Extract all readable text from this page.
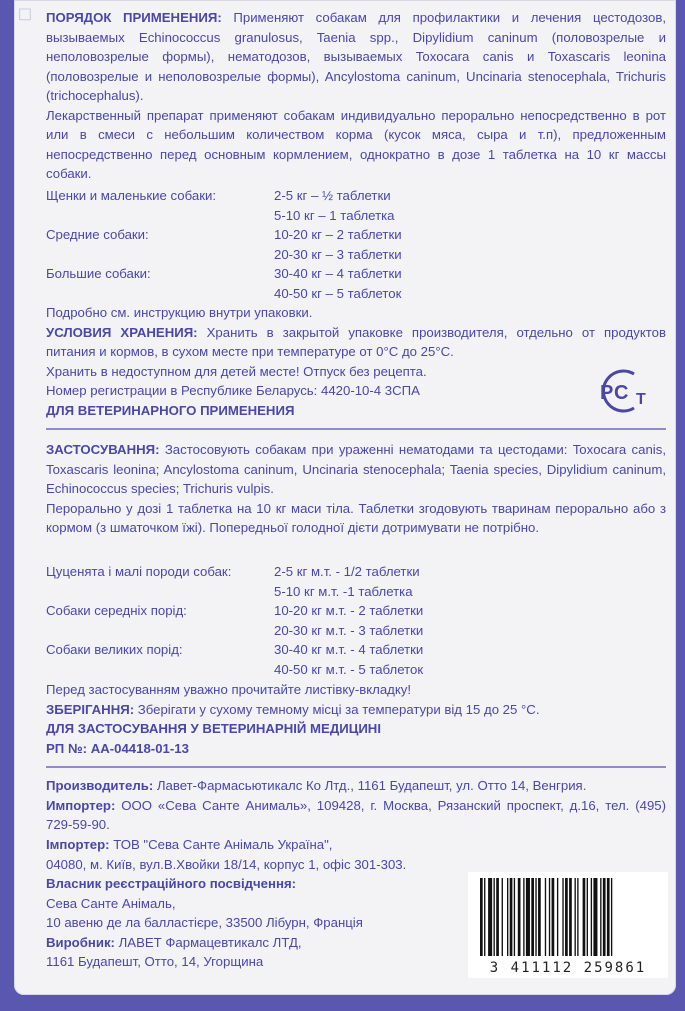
◻ ПОРЯДОК ПРИМЕНЕНИЯ: Применяют собакам для профилактики и лечения цестодозов, вызываемых Echinococcus granulosus, Taenia spp., Dipylidium caninum (половозрелые и неполовозрелые формы), нематодозов, вызываемых Toxocara canis и Toxascaris leonina (половозрелые и неполовозрелые формы), Ancylostoma caninum, Uncinaria stenocephala, Trichuris (trichocephalus).

Лекарственный препарат применяют собакам индивидуально перорально непосредственно в рот или в смеси с небольшим количеством корма (кусок мяса, сыра и т.п), предложенным непосредственно перед основным кормлением, однократно в дозе 1 таблетка на 10 кг массы собаки.

Щенки и маленькие собаки:	2-5 кг – ½ таблетки
5-10 кг – 1 таблетка
Средние собаки:	10-20 кг – 2 таблетки
20-30 кг – 3 таблетки
Большие собаки:	30-40 кг – 4 таблетки
40-50 кг – 5 таблеток

Подробно см. инструкцию внутри упаковки.

УСЛОВИЯ ХРАНЕНИЯ: Хранить в закрытой упаковке производителя, отдельно от продуктов питания и кормов, в сухом месте при температуре от 0°С до 25°С.

Хранить в недоступном для детей месте! Отпуск без рецепта.

Номер регистрации в Республике Беларусь: 4420-10-4 3СПА

ДЛЯ ВЕТЕРИНАРНОГО ПРИМЕНЕНИЯ

P C T

ЗАСТОСУВАННЯ: Застосовують собакам при ураженні нематодами та цестодами: Toxocara canis, Toxascaris leonina; Ancylostoma caninum, Uncinaria stenocephala; Taenia species, Dipylidium caninum, Echinococcus species; Trichuris vulpis.

Перорально у дозі 1 таблетка на 10 кг маси тіла. Таблетки згодовують тваринам перорально або з кормом (з шматочком їжі). Попередньої голодної дієти дотримувати не потрібно.

Цуценята і малі породи собак:	2-5 кг м.т. - 1/2 таблетки
5-10 кг м.т. -1 таблетка
Собаки середніх порід:	10-20 кг м.т. - 2 таблетки
20-30 кг м.т. - 3 таблетки
Собаки великих порід:	30-40 кг м.т. - 4 таблетки
40-50 кг м.т. - 5 таблеток

Перед застосуванням уважно прочитайте листівку-вкладку!

ЗБЕРІГАННЯ: Зберігати у сухому темному місці за температури від 15 до 25 °С.

ДЛЯ ЗАСТОСУВАННЯ У ВЕТЕРИНАРНІЙ МЕДИЦИНІ

РП №: АА-04418-01-13

Производитель: Лавет-Фармасьютикалс Ко Лтд., 1161 Будапешт, ул. Отто 14, Венгрия.

Импортер: ООО «Сева Санте Анималь», 109428, г. Москва, Рязанский проспект, д.16, тел. (495) 729-59-90.

Імпортер: ТОВ "Сева Санте Анімаль Україна",

04080, м. Київ, вул.В.Хвойки 18/14, корпус 1, офіс 301-303.

Власник реєстраційного посвідчення:

Сева Санте Анімаль,

10 авеню де ла балластієре, 33500 Лібурн, Франція

Виробник: ЛАВЕТ Фармацевтикалс ЛТД,

1161 Будапешт, Отто, 14, Угорщина	3 411112 259861
